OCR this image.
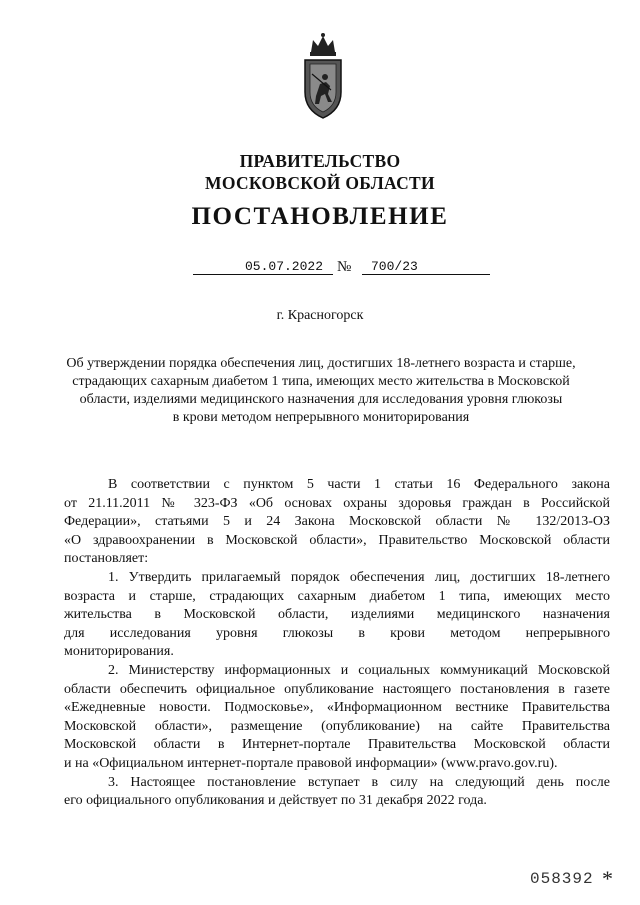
ПРАВИТЕЛЬСТВО
МОСКОВСКОЙ ОБЛАСТИ
ПОСТАНОВЛЕНИЕ
05.07.2022 № 700/23
г. Красногорск
Об утверждении порядка обеспечения лиц, достигших 18-летнего возраста и старше,
страдающих сахарным диабетом 1 типа, имеющих место жительства в Московской
области, изделиями медицинского назначения для исследования уровня глюкозы
в крови методом непрерывного мониторирования
В соответствии с пунктом 5 части 1 статьи 16 Федерального закона
от 21.11.2011 № 323-ФЗ «Об основах охраны здоровья граждан в Российской
Федерации», статьями 5 и 24 Закона Московской области № 132/2013-ОЗ
«О здравоохранении в Московской области», Правительство Московской области
постановляет:
1. Утвердить прилагаемый порядок обеспечения лиц, достигших 18-летнего
возраста и старше, страдающих сахарным диабетом 1 типа, имеющих место
жительства в Московской области, изделиями медицинского назначения
для исследования уровня глюкозы в крови методом непрерывного
мониторирования.
2. Министерству информационных и социальных коммуникаций Московской
области обеспечить официальное опубликование настоящего постановления в газете
«Ежедневные новости. Подмосковье», «Информационном вестнике Правительства
Московской области», размещение (опубликование) на сайте Правительства
Московской области в Интернет-портале Правительства Московской области
и на «Официальном интернет-портале правовой информации» (www.pravo.gov.ru).
3. Настоящее постановление вступает в силу на следующий день после
его официального опубликования и действует по 31 декабря 2022 года.
058392 *
